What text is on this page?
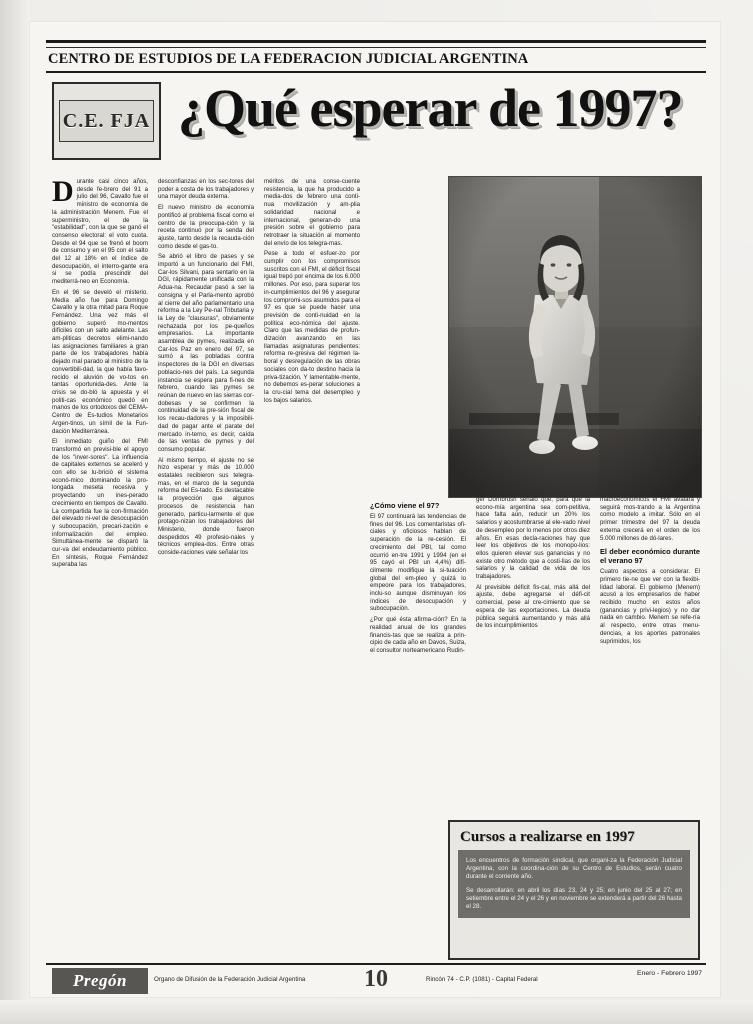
CENTRO DE ESTUDIOS DE LA FEDERACION JUDICIAL ARGENTINA
C.E. FJA ¿Qué esperar de 1997?

Durante casi cinco años, desde fe-brero del 91 a julio del 96, Cavallo fue el ministro de economía de la administración Menem. Fue el superministro, el de la "estabilidad", con la que se ganó el consenso electoral: el voto cuota. Desde el 94 que se frenó el boom de consumo y en el 95 con el salto del 12 al 18% en el índice de desocupación, el interro-gante era si se podía prescindir del mediterrá-neo en Economía.

En el 96 se develó el misterio. Medía año fue para Domingo Cavallo y la otra mitad para Roque Fernández. Una vez más el gobierno superó mo-mentos difíciles con un salto adelante. Las am-pliticas decretos elimi-nando las asignaciones familiares a gran parte de los trabajadores había dejado mal parado al ministro de la convertibili-dad, la que había favo-recido el aluvión de vo-tos en tantas oportunida-des. Ante la crisis se do-bló la apuesta y el politi-cas económico quedó en manos de los ortodoxos del CEMA-Centro de Es-tudios Monetarios Argen-tinos, un símil de la Fun-dación Mediterránea.

El inmediato guiño del FMI transformó en previsi-ble el apoyo de los "inver-sores". La influencia de capitales externos se aceleró y con ello se lu-brició el sistema econó-mico dominando la pro-longada meseta recesiva y proyectando un ines-perado crecimiento en tiempos de Cavallo. La compartida fue la con-firmación del elevado ni-vel de desocupación y subocupación, precari-zación e informalización del empleo. Simultánea-mente se disparó la cur-va del endeudamiento público. En síntesis, Roque Fernández superaba las

desconfianzas en los sec-tores del poder a costa de los trabajadores y una mayor deuda externa.

El nuevo ministro de economía pontificó al problema fiscal como el centro de la preocupa-ción y la receta continuó por la senda del ajuste, tanto desde la recauda-ción como desde el gas-to.

Se abrió el libro de pases y se importó a un funcionario del FMI, Car-los Silvani, para sentarlo en la DGI, rápidamente unificada con la Adua-na. Recaudar pasó a ser la consigna y el Parla-mento aprobó al cierre del año parlamentario una reforma a la Ley Pe-nal Tributaria y la Ley de "clausuras", obviamente rechazada por los pe-queños empresarios. La importante asamblea de pymes, realizada en Car-los Paz en enero del 97, se sumó a las pobladas contra inspectores de la DGI en diversas poblacio-nes del país. La segunda instancia se espera para fi-nes de febrero, cuando las pymes se reúnan de nuevo en las sierras cor-dobesas y se confirmen la continuidad de la pre-sión fiscal de los recau-dadores y la imposibili-dad de pagar ante el parate del mercado in-terno, es decir, caída de las ventas de pymes y del consumo popular.

Al mismo tiempo, el ajuste no se hizo esperar y más de 10.000 estatales recibieron sus telegra-mas, en el marco de la segunda reforma del Es-tado. Es destacable la proyección que algunos procesos de resistencia han generado, particu-larmente el que protago-nizan los trabajadores del Ministerio, donde fueron despedidos 49 profesio-nales y técnicos emplea-dos. Entre otras conside-raciones vale señalar los

méritos de una conse-cuente resistencia, la que ha producido a media-dos de febrero una conti-nua movilización y am-plia solidaridad nacional e internacional, generan-do una presión sobre el gobierno para retrotraer la situación al momento del envío de los telegra-mas.

Pese a todo el esfuer-zo por cumplir con los compromisos suscritos con el FMI, el déficit fiscal igual trepó por encima de los 6.000 millones. Por eso, para superar los in-cumplimientos del 96 y asegurar los compromi-sos asumidos para el 97 es que se puede hacer una previsión de conti-nuidad en la política eco-nómica del ajuste. Claro que las medidas de profun-dización avanzando en las llamadas asignaturas pendientes: reforma re-gresiva del régimen la-boral y desregulación de las obras sociales con da-to destino hacia la priva-tización. Y lamentable-mente, no debemos es-perar soluciones a la cru-cial tema del desempleo y los bajos salarios.

¿Cómo viene el 97?

El 97 continuará las tendencias de fines del 96. Los comentaristas ofi-ciales y oficiosos hablan de superación de la re-cesión. El crecimiento del PBI, tal como ocurrió en-tre 1991 y 1994 (en el 95 cayó el PBI un 4,4%) difí-cilmente modifique la si-tuación global del em-pleo y quizá lo empeore para los trabajadores, inclu-so aunque disminuyan los índices de desocupación y subocupación.

¿Por qué ésta afirma-ción? En la realidad anual de los grandes financis-tas que se realiza a prin-cipio de cada año en Davos, Suiza, el consultor norteamericano Rudin-

ger Dornbrush señaló que, para que la econo-mía argentina sea com-petitiva, hace falta aún, reducir un 20% los salarios y acostumbrarse al ele-vado nivel de desempleo por lo menos por otros diez años. En esas decla-raciones hay que leer los objetivos de los monopo-lios: ellos quieren elevar sus ganancias y no existe otro método que a costi-llas de los salarios y la calidad de vida de los trabajadores.

Al previsible déficit fis-cal, más allá del ajuste, debe agregarse el défi-cit comercial, pese al cre-cimiento que se espera de las exportaciones. La deuda pública seguirá aumentando y más allá de los incumplimientos

macroeconómicos el FMI avalará y seguirá mos-trando a la Argentina como modelo a imitar. Sólo en el primer trimestre del 97 la deuda externa crecerá en el orden de los 5.000 millones de dó-lares.

El deber económico durante el verano 97

Cuatro aspectos a considerar. El primero tie-ne que ver con la flexibi-lidad laboral. El gobierno (Menem) acusó a los empresarios de haber recibido mucho en estos años (ganancias y privi-legios) y no dar nada en cambio. Menem se refe-ría al respecto, entre otras menu-dencias, a los aportes patronales suprimidos, los

Cursos a realizarse en 1997

Los encuentros de formación sindical, que organi-za la Federación Judicial Argentina, con la coordina-ción de su Centro de Estudios, serán cuatro durante el corriente año.

Se desarrollarán: en abril los días 23, 24 y 25; en junio del 25 al 27; en setiembre entre el 24 y el 26 y en noviembre se extenderá a partir del 26 hasta el 28.

Pregón	Organo de Difusión de la Federación Judicial Argentina 10	Rincón 74 - C.P. (1081) - Capital Federal
Enero - Febrero 1997
